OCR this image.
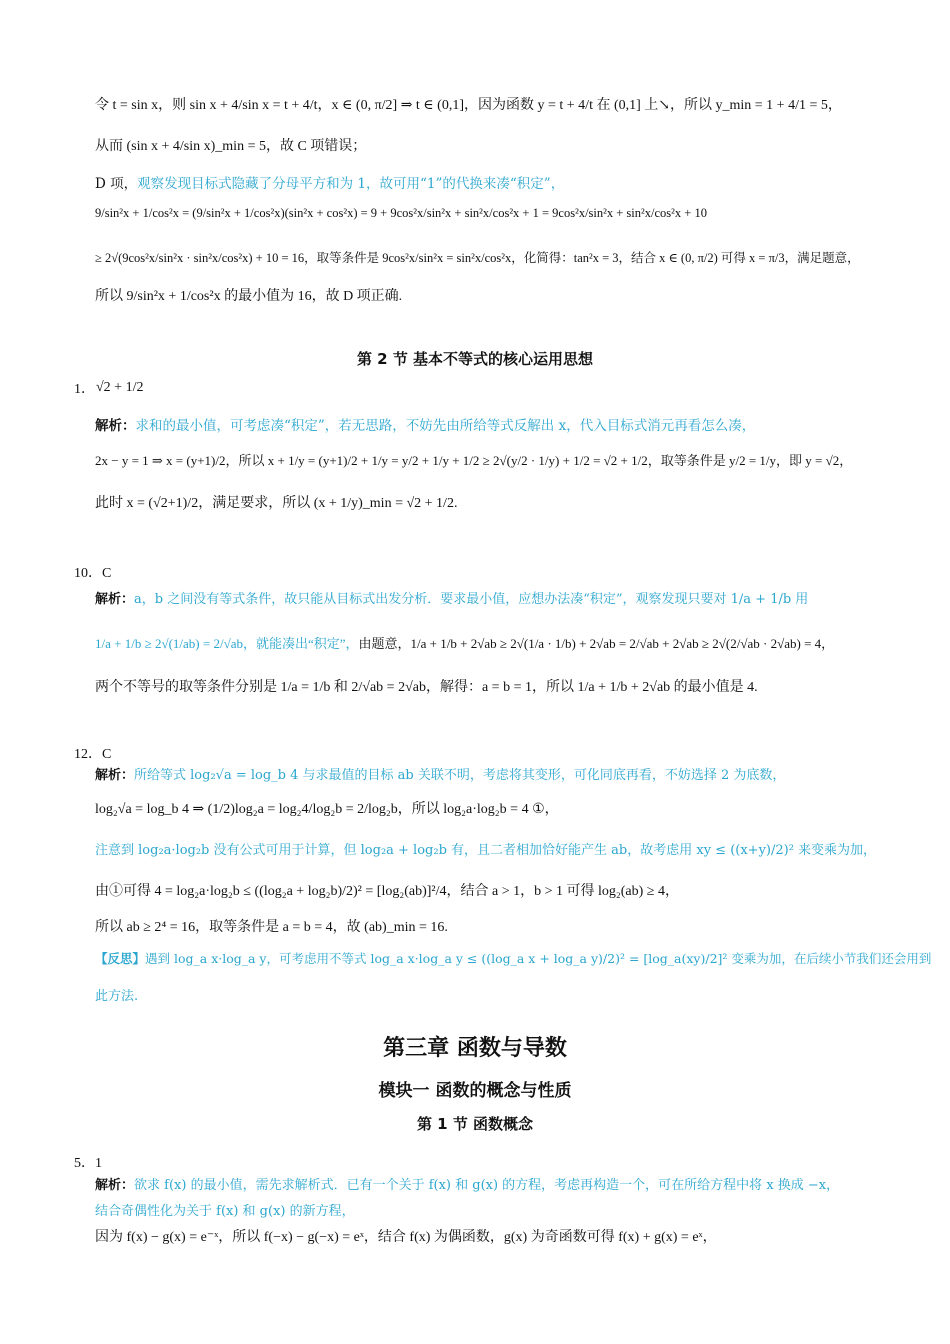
令 t = sin x，则 sin x + 4/sin x = t + 4/t，x ∈ (0, π/2] ⇒ t ∈ (0,1]，因为函数 y = t + 4/t 在 (0,1] 上↘，所以 y_min = 1 + 4/1 = 5，
从而 (sin x + 4/sin x)_min = 5，故 C 项错误；
D 项，观察发现目标式隐藏了分母平方和为 1，故可用“1”的代换来凑“积定”，
9/sin²x + 1/cos²x = (9/sin²x + 1/cos²x)(sin²x + cos²x) = 9 + 9cos²x/sin²x + sin²x/cos²x + 1 = 9cos²x/sin²x + sin²x/cos²x + 10
≥ 2√(9cos²x/sin²x · sin²x/cos²x) + 10 = 16，取等条件是 9cos²x/sin²x = sin²x/cos²x，化简得：tan²x = 3，结合 x ∈ (0, π/2) 可得 x = π/3，满足题意，
所以 9/sin²x + 1/cos²x 的最小值为 16，故 D 项正确.
第 2 节 基本不等式的核心运用思想
1． √2 + 1/2
解析：求和的最小值，可考虑凑“积定”，若无思路，不妨先由所给等式反解出 x，代入目标式消元再看怎么凑，
2x − y = 1 ⇒ x = (y+1)/2，所以 x + 1/y = (y+1)/2 + 1/y = y/2 + 1/y + 1/2 ≥ 2√(y/2 · 1/y) + 1/2 = √2 + 1/2，取等条件是 y/2 = 1/y，即 y = √2，
此时 x = (√2+1)/2，满足要求，所以 (x + 1/y)_min = √2 + 1/2.
10．C
解析：a，b 之间没有等式条件，故只能从目标式出发分析．要求最小值，应想办法凑“积定”，观察发现只要对 1/a + 1/b 用
1/a + 1/b ≥ 2√(1/ab) = 2/√ab，就能凑出“积定”，由题意，1/a + 1/b + 2√ab ≥ 2√(1/a · 1/b) + 2√ab = 2/√ab + 2√ab ≥ 2√(2/√ab · 2√ab) = 4，
两个不等号的取等条件分别是 1/a = 1/b 和 2/√ab = 2√ab，解得：a = b = 1，所以 1/a + 1/b + 2√ab 的最小值是 4.
12．C
解析：所给等式 log₂√a = log_b 4 与求最值的目标 ab 关联不明，考虑将其变形，可化同底再看，不妨选择 2 为底数，
log₂√a = log_b 4 ⇒ (1/2)log₂a = log₂4/log₂b = 2/log₂b，所以 log₂a·log₂b = 4 ①，
注意到 log₂a·log₂b 没有公式可用于计算，但 log₂a + log₂b 有，且二者相加恰好能产生 ab，故考虑用 xy ≤ ((x+y)/2)² 来变乘为加，
由①可得 4 = log₂a·log₂b ≤ ((log₂a + log₂b)/2)² = [log₂(ab)]²/4，结合 a > 1，b > 1 可得 log₂(ab) ≥ 4，
所以 ab ≥ 2⁴ = 16，取等条件是 a = b = 4，故 (ab)_min = 16.
【反思】遇到 log_a x·log_a y，可考虑用不等式 log_a x·log_a y ≤ ((log_a x + log_a y)/2)² = [log_a(xy)/2]² 变乘为加，在后续小节我们还会用到
此方法.
第三章 函数与导数
模块一 函数的概念与性质
第 1 节 函数概念
5．1
解析：欲求 f(x) 的最小值，需先求解析式．已有一个关于 f(x) 和 g(x) 的方程，考虑再构造一个，可在所给方程中将 x 换成 −x，
结合奇偶性化为关于 f(x) 和 g(x) 的新方程，
因为 f(x) − g(x) = e⁻ˣ，所以 f(−x) − g(−x) = eˣ，结合 f(x) 为偶函数，g(x) 为奇函数可得 f(x) + g(x) = eˣ，
